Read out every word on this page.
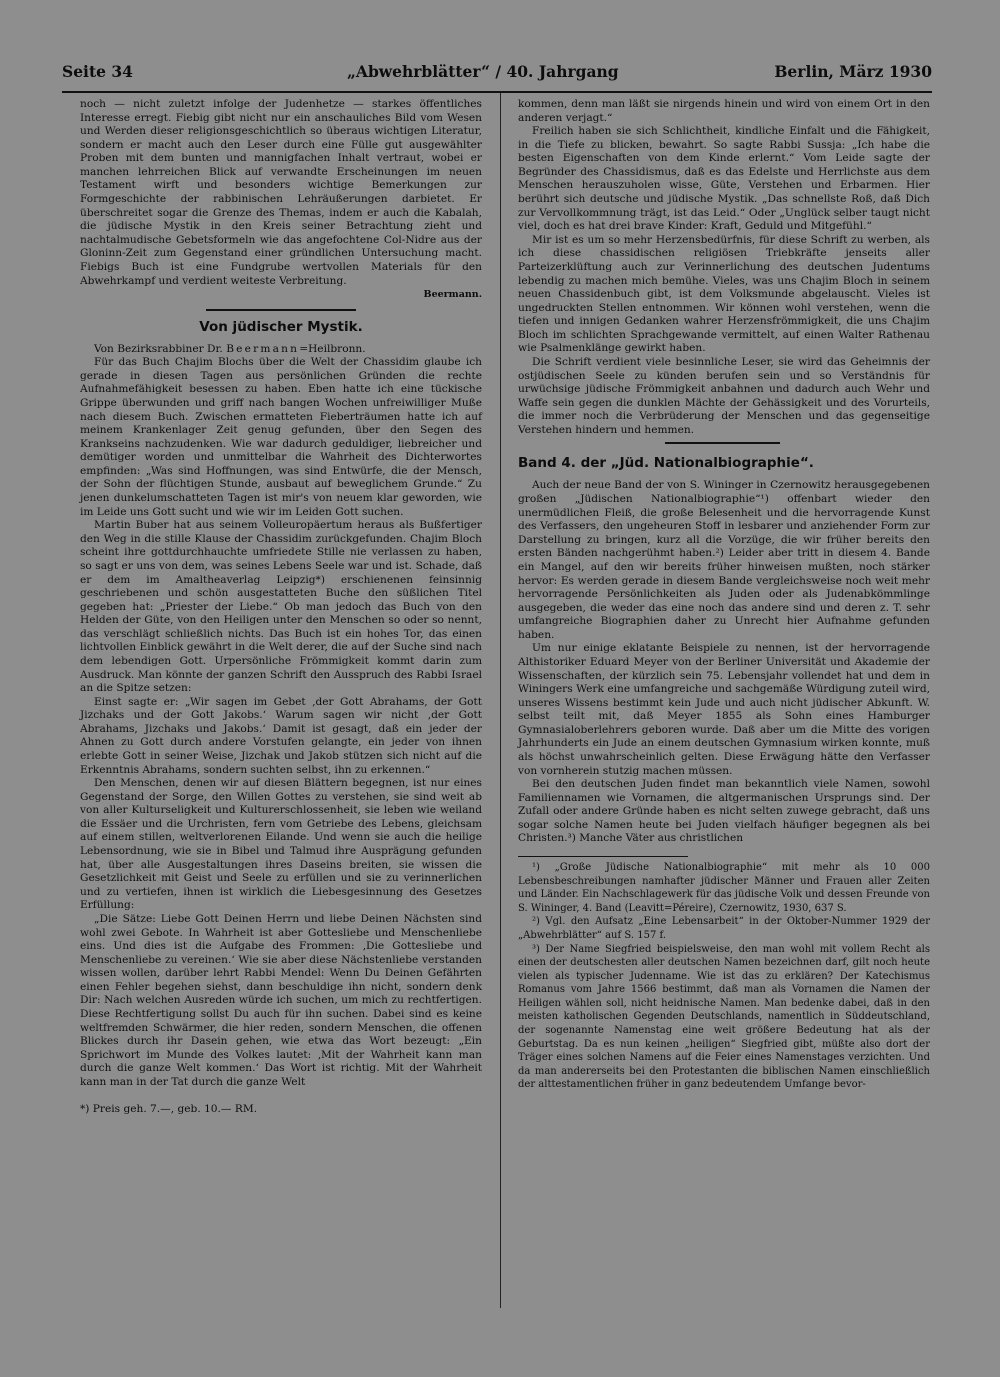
Seite 34	„Abwehrblätter“ / 40. Jahrgang	Berlin, März 1930

noch — nicht zuletzt infolge der Judenhetze — starkes öffentliches Interesse erregt. Fiebig gibt nicht nur ein anschauliches Bild vom Wesen und Werden dieser religionsgeschichtlich so überaus wichtigen Literatur, sondern er macht auch den Leser durch eine Fülle gut ausgewählter Proben mit dem bunten und mannigfachen Inhalt vertraut, wobei er manchen lehrreichen Blick auf verwandte Erscheinungen im neuen Testament wirft und besonders wichtige Bemerkungen zur Formgeschichte der rabbinischen Lehräußerungen darbietet. Er überschreitet sogar die Grenze des Themas, indem er auch die Kabalah, die jüdische Mystik in den Kreis seiner Betrachtung zieht und nachtalmudische Gebetsformeln wie das angefochtene Col-Nidre aus der Gloninn-Zeit zum Gegenstand einer gründlichen Untersuchung macht. Fiebigs Buch ist eine Fundgrube wertvollen Materials für den Abwehrkampf und verdient weiteste Verbreitung.

Beermann.

Von jüdischer Mystik.

Von Bezirksrabbiner Dr. Beermann=Heilbronn.

Für das Buch Chajim Blochs über die Welt der Chassidim glaube ich gerade in diesen Tagen aus persönlichen Gründen die rechte Aufnahmefähigkeit besessen zu haben. Eben hatte ich eine tückische Grippe überwunden und griff nach bangen Wochen unfreiwilliger Muße nach diesem Buch. Zwischen ermatteten Fieberträumen hatte ich auf meinem Krankenlager Zeit genug gefunden, über den Segen des Krankseins nachzudenken. Wie war dadurch geduldiger, liebreicher und demütiger worden und unmittelbar die Wahrheit des Dichterwortes empfinden: „Was sind Hoffnungen, was sind Entwürfe, die der Mensch, der Sohn der flüchtigen Stunde, ausbaut auf beweglichem Grunde.“ Zu jenen dunkelumschatteten Tagen ist mir's von neuem klar geworden, wie im Leide uns Gott sucht und wie wir im Leiden Gott suchen.

Martin Buber hat aus seinem Volleuropäertum heraus als Bußfertiger den Weg in die stille Klause der Chassidim zurückgefunden. Chajim Bloch scheint ihre gottdurchhauchte umfriedete Stille nie verlassen zu haben, so sagt er uns von dem, was seines Lebens Seele war und ist. Schade, daß er dem im Amaltheaverlag Leipzig*) erschienenen feinsinnig geschriebenen und schön ausgestatteten Buche den süßlichen Titel gegeben hat: „Priester der Liebe.“ Ob man jedoch das Buch von den Helden der Güte, von den Heiligen unter den Menschen so oder so nennt, das verschlägt schließlich nichts. Das Buch ist ein hohes Tor, das einen lichtvollen Einblick gewährt in die Welt derer, die auf der Suche sind nach dem lebendigen Gott. Urpersönliche Frömmigkeit kommt darin zum Ausdruck. Man könnte der ganzen Schrift den Ausspruch des Rabbi Israel an die Spitze setzen:

Einst sagte er: „Wir sagen im Gebet ‚der Gott Abrahams, der Gott Jizchaks und der Gott Jakobs.‘ Warum sagen wir nicht ‚der Gott Abrahams, Jizchaks und Jakobs.‘ Damit ist gesagt, daß ein jeder der Ahnen zu Gott durch andere Vorstufen gelangte, ein jeder von ihnen erlebte Gott in seiner Weise, Jizchak und Jakob stützen sich nicht auf die Erkenntnis Abrahams, sondern suchten selbst, ihn zu erkennen.“

Den Menschen, denen wir auf diesen Blättern begegnen, ist nur eines Gegenstand der Sorge, den Willen Gottes zu verstehen, sie sind weit ab von aller Kulturseligkeit und Kulturerschlossenheit, sie leben wie weiland die Essäer und die Urchristen, fern vom Getriebe des Lebens, gleichsam auf einem stillen, weltverlorenen Eilande. Und wenn sie auch die heilige Lebensordnung, wie sie in Bibel und Talmud ihre Ausprägung gefunden hat, über alle Ausgestaltungen ihres Daseins breiten, sie wissen die Gesetzlichkeit mit Geist und Seele zu erfüllen und sie zu verinnerlichen und zu vertiefen, ihnen ist wirklich die Liebesgesinnung des Gesetzes Erfüllung:

„Die Sätze: Liebe Gott Deinen Herrn und liebe Deinen Nächsten sind wohl zwei Gebote. In Wahrheit ist aber Gottesliebe und Menschenliebe eins. Und dies ist die Aufgabe des Frommen: ‚Die Gottesliebe und Menschenliebe zu vereinen.‘ Wie sie aber diese Nächstenliebe verstanden wissen wollen, darüber lehrt Rabbi Mendel: Wenn Du Deinen Gefährten einen Fehler begehen siehst, dann beschuldige ihn nicht, sondern denk Dir: Nach welchen Ausreden würde ich suchen, um mich zu rechtfertigen. Diese Rechtfertigung sollst Du auch für ihn suchen. Dabei sind es keine weltfremden Schwärmer, die hier reden, sondern Menschen, die offenen Blickes durch ihr Dasein gehen, wie etwa das Wort bezeugt: „Ein Sprichwort im Munde des Volkes lautet: ‚Mit der Wahrheit kann man durch die ganze Welt kommen.‘ Das Wort ist richtig. Mit der Wahrheit kann man in der Tat durch die ganze Welt

*) Preis geh. 7.—, geb. 10.— RM.

kommen, denn man läßt sie nirgends hinein und wird von einem Ort in den anderen verjagt.“

Freilich haben sie sich Schlichtheit, kindliche Einfalt und die Fähigkeit, in die Tiefe zu blicken, bewahrt. So sagte Rabbi Sussja: „Ich habe die besten Eigenschaften von dem Kinde erlernt.“ Vom Leide sagte der Begründer des Chassidismus, daß es das Edelste und Herrlichste aus dem Menschen herauszuholen wisse, Güte, Verstehen und Erbarmen. Hier berührt sich deutsche und jüdische Mystik. „Das schnellste Roß, daß Dich zur Vervollkommnung trägt, ist das Leid.“ Oder „Unglück selber taugt nicht viel, doch es hat drei brave Kinder: Kraft, Geduld und Mitgefühl.“

Mir ist es um so mehr Herzensbedürfnis, für diese Schrift zu werben, als ich diese chassidischen religiösen Triebkräfte jenseits aller Parteizerklüftung auch zur Verinnerlichung des deutschen Judentums lebendig zu machen mich bemühe. Vieles, was uns Chajim Bloch in seinem neuen Chassidenbuch gibt, ist dem Volksmunde abgelauscht. Vieles ist ungedruckten Stellen entnommen. Wir können wohl verstehen, wenn die tiefen und innigen Gedanken wahrer Herzensfrömmigkeit, die uns Chajim Bloch im schlichten Sprachgewande vermittelt, auf einen Walter Rathenau wie Psalmenklänge gewirkt haben.

Die Schrift verdient viele besinnliche Leser, sie wird das Geheimnis der ostjüdischen Seele zu künden berufen sein und so Verständnis für urwüchsige jüdische Frömmigkeit anbahnen und dadurch auch Wehr und Waffe sein gegen die dunklen Mächte der Gehässigkeit und des Vorurteils, die immer noch die Verbrüderung der Menschen und das gegenseitige Verstehen hindern und hemmen.

Band 4. der „Jüd. Nationalbiographie“.

Auch der neue Band der von S. Wininger in Czernowitz herausgegebenen großen „Jüdischen Nationalbiographie“¹) offenbart wieder den unermüdlichen Fleiß, die große Belesenheit und die hervorragende Kunst des Verfassers, den ungeheuren Stoff in lesbarer und anziehender Form zur Darstellung zu bringen, kurz all die Vorzüge, die wir früher bereits den ersten Bänden nachgerühmt haben.²) Leider aber tritt in diesem 4. Bande ein Mangel, auf den wir bereits früher hinweisen mußten, noch stärker hervor: Es werden gerade in diesem Bande vergleichsweise noch weit mehr hervorragende Persönlichkeiten als Juden oder als Judenabkömmlinge ausgegeben, die weder das eine noch das andere sind und deren z. T. sehr umfangreiche Biographien daher zu Unrecht hier Aufnahme gefunden haben.

Um nur einige eklatante Beispiele zu nennen, ist der hervorragende Althistoriker Eduard Meyer von der Berliner Universität und Akademie der Wissenschaften, der kürzlich sein 75. Lebensjahr vollendet hat und dem in Winingers Werk eine umfangreiche und sachgemäße Würdigung zuteil wird, unseres Wissens bestimmt kein Jude und auch nicht jüdischer Abkunft. W. selbst teilt mit, daß Meyer 1855 als Sohn eines Hamburger Gymnasialoberlehrers geboren wurde. Daß aber um die Mitte des vorigen Jahrhunderts ein Jude an einem deutschen Gymnasium wirken konnte, muß als höchst unwahrscheinlich gelten. Diese Erwägung hätte den Verfasser von vornherein stutzig machen müssen.

Bei den deutschen Juden findet man bekanntlich viele Namen, sowohl Familiennamen wie Vornamen, die altgermanischen Ursprungs sind. Der Zufall oder andere Gründe haben es nicht selten zuwege gebracht, daß uns sogar solche Namen heute bei Juden vielfach häufiger begegnen als bei Christen.³) Manche Väter aus christlichen

¹) „Große Jüdische Nationalbiographie“ mit mehr als 10 000 Lebensbeschreibungen namhafter jüdischer Männer und Frauen aller Zeiten und Länder. Ein Nachschlagewerk für das jüdische Volk und dessen Freunde von S. Wininger, 4. Band (Leavitt=Péreire), Czernowitz, 1930, 637 S.

²) Vgl. den Aufsatz „Eine Lebensarbeit“ in der Oktober-Nummer 1929 der „Abwehrblätter“ auf S. 157 f.

³) Der Name Siegfried beispielsweise, den man wohl mit vollem Recht als einen der deutschesten aller deutschen Namen bezeichnen darf, gilt noch heute vielen als typischer Judenname. Wie ist das zu erklären? Der Katechismus Romanus vom Jahre 1566 bestimmt, daß man als Vornamen die Namen der Heiligen wählen soll, nicht heidnische Namen. Man bedenke dabei, daß in den meisten katholischen Gegenden Deutschlands, namentlich in Süddeutschland, der sogenannte Namenstag eine weit größere Bedeutung hat als der Geburtstag. Da es nun keinen „heiligen“ Siegfried gibt, müßte also dort der Träger eines solchen Namens auf die Feier eines Namenstages verzichten. Und da man andererseits bei den Protestanten die biblischen Namen einschließlich der alttestamentlichen früher in ganz bedeutendem Umfange bevor-
